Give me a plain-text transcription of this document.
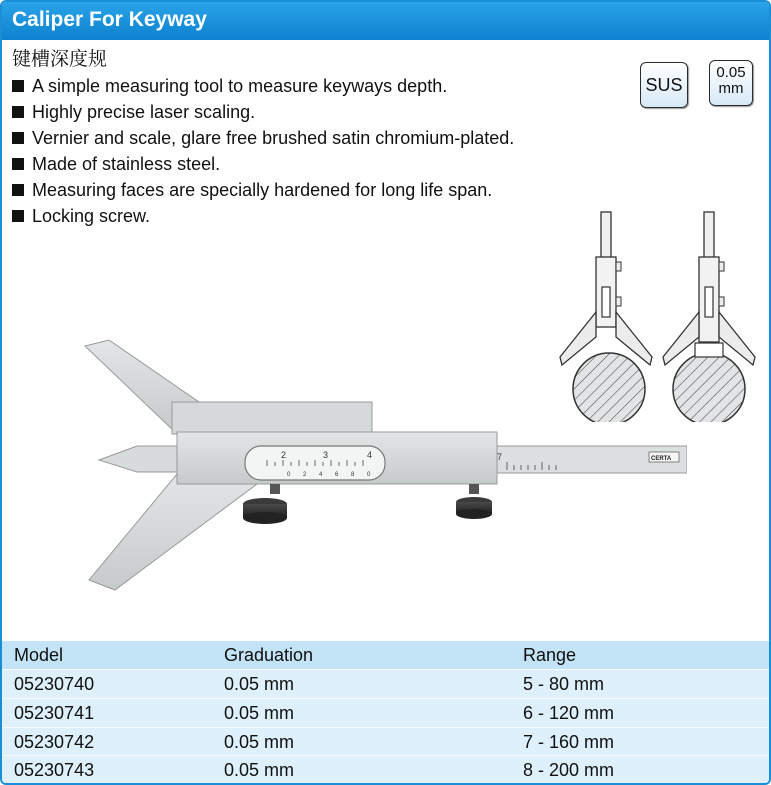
Caliper For Keyway
键槽深度规
A simple measuring tool to measure keyways depth.
Highly precise laser scaling.
Vernier and scale, glare free brushed satin chromium-plated.
Made of stainless steel.
Measuring faces are specially hardened for long life span.
Locking screw.
SUS
0.05
mm
2	3	4	7
0 2 4 6 8 0
CERTA
Model	Graduation	Range
05230740	0.05 mm	5 - 80 mm
05230741	0.05 mm	6 - 120 mm
05230742	0.05 mm	7 - 160 mm
05230743	0.05 mm	8 - 200 mm
